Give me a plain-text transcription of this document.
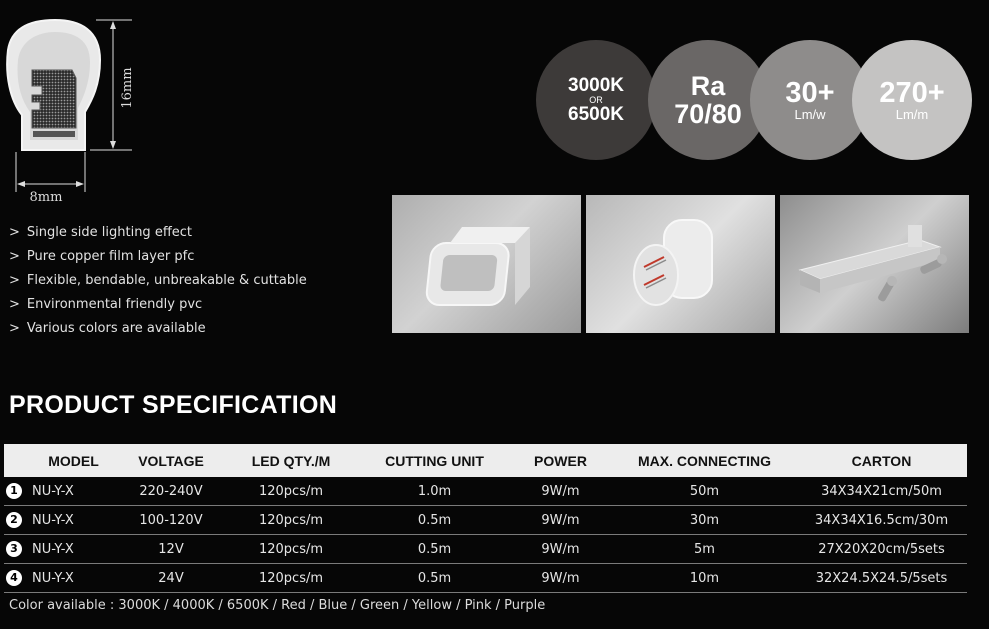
16mm
8mm
> Single side lighting effect
> Pure copper film layer pfc
> Flexible, bendable, unbreakable & cuttable
> Environmental friendly pvc
> Various colors are available
3000K
OR
6500K
Ra
70/80
30+
Lm/w
270+
Lm/m
PRODUCT SPECIFICATION
	MODEL	VOLTAGE	LED QTY./M	CUTTING UNIT	POWER	MAX. CONNECTING	CARTON
1	NU-Y-X	220-240V	120pcs/m	1.0m	9W/m	50m	34X34X21cm/50m
2	NU-Y-X	100-120V	120pcs/m	0.5m	9W/m	30m	34X34X16.5cm/30m
3	NU-Y-X	12V	120pcs/m	0.5m	9W/m	5m	27X20X20cm/5sets
4	NU-Y-X	24V	120pcs/m	0.5m	9W/m	10m	32X24.5X24.5/5sets
Color available : 3000K / 4000K / 6500K / Red / Blue / Green / Yellow / Pink / Purple
